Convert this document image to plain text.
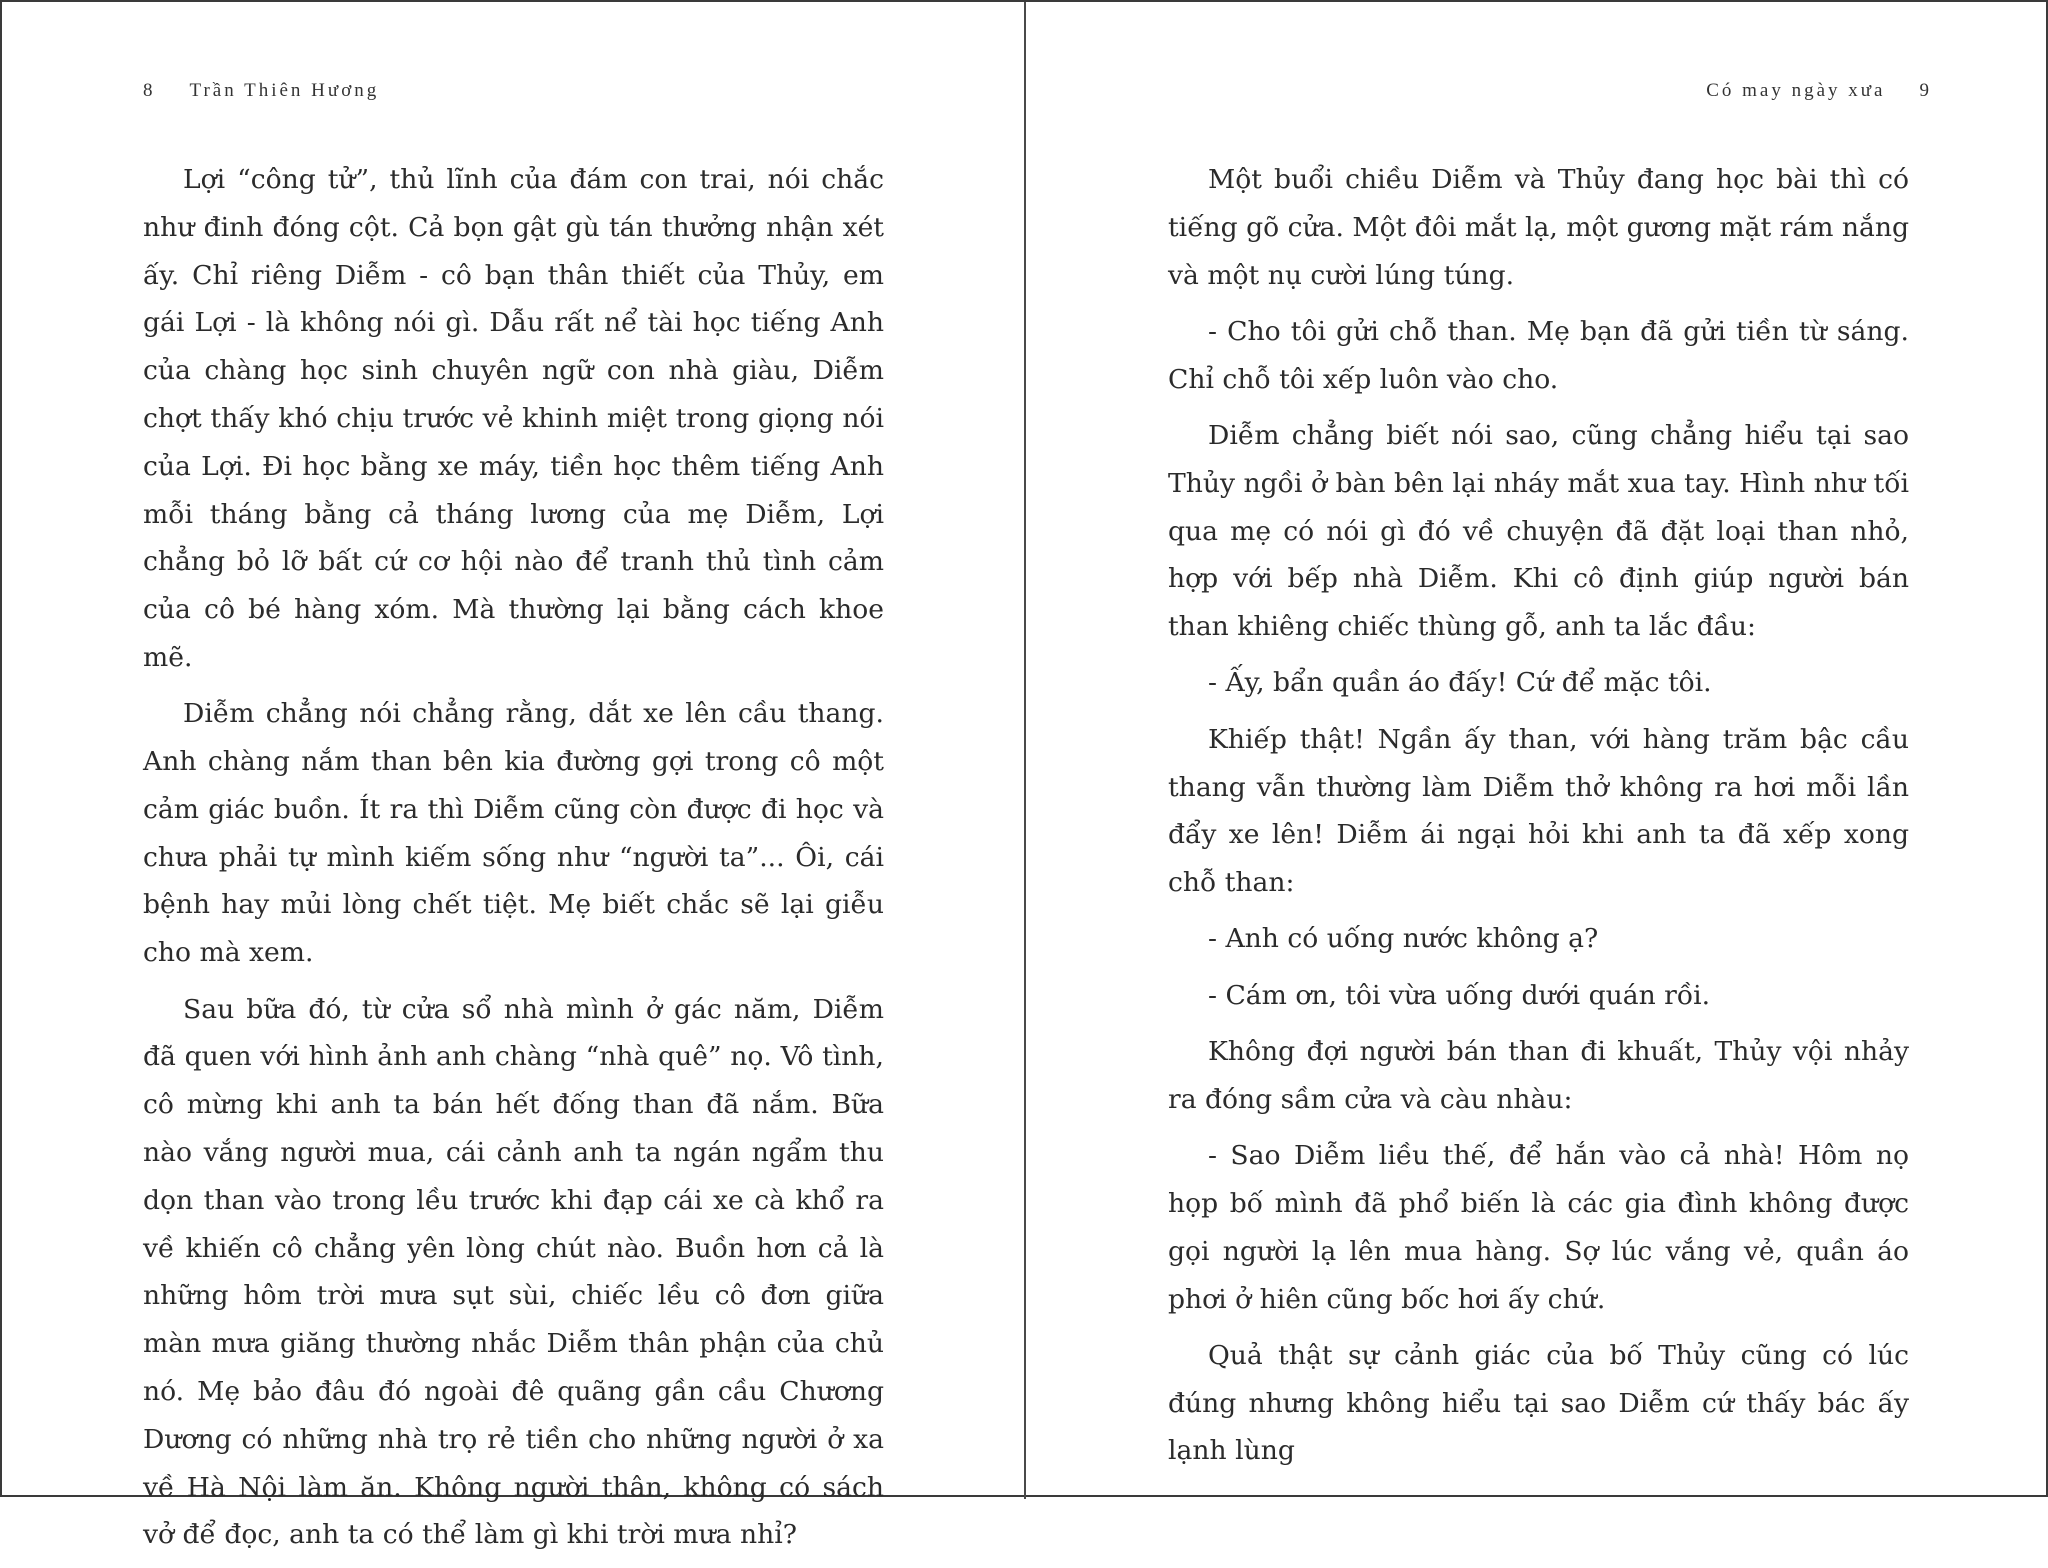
8 Trần Thiên Hương

Lợi “công tử”, thủ lĩnh của đám con trai, nói chắc như đinh đóng cột. Cả bọn gật gù tán thưởng nhận xét ấy. Chỉ riêng Diễm - cô bạn thân thiết của Thủy, em gái Lợi - là không nói gì. Dẫu rất nể tài học tiếng Anh của chàng học sinh chuyên ngữ con nhà giàu, Diễm chợt thấy khó chịu trước vẻ khinh miệt trong giọng nói của Lợi. Đi học bằng xe máy, tiền học thêm tiếng Anh mỗi tháng bằng cả tháng lương của mẹ Diễm, Lợi chẳng bỏ lỡ bất cứ cơ hội nào để tranh thủ tình cảm của cô bé hàng xóm. Mà thường lại bằng cách khoe mẽ.

Diễm chẳng nói chẳng rằng, dắt xe lên cầu thang. Anh chàng nắm than bên kia đường gợi trong cô một cảm giác buồn. Ít ra thì Diễm cũng còn được đi học và chưa phải tự mình kiếm sống như “người ta”... Ôi, cái bệnh hay mủi lòng chết tiệt. Mẹ biết chắc sẽ lại giễu cho mà xem.

Sau bữa đó, từ cửa sổ nhà mình ở gác năm, Diễm đã quen với hình ảnh anh chàng “nhà quê” nọ. Vô tình, cô mừng khi anh ta bán hết đống than đã nắm. Bữa nào vắng người mua, cái cảnh anh ta ngán ngẩm thu dọn than vào trong lều trước khi đạp cái xe cà khổ ra về khiến cô chẳng yên lòng chút nào. Buồn hơn cả là những hôm trời mưa sụt sùi, chiếc lều cô đơn giữa màn mưa giăng thường nhắc Diễm thân phận của chủ nó. Mẹ bảo đâu đó ngoài đê quãng gần cầu Chương Dương có những nhà trọ rẻ tiền cho những người ở xa về Hà Nội làm ăn. Không người thân, không có sách vở để đọc, anh ta có thể làm gì khi trời mưa nhỉ?

Có may ngày xưa 9

Một buổi chiều Diễm và Thủy đang học bài thì có tiếng gõ cửa. Một đôi mắt lạ, một gương mặt rám nắng và một nụ cười lúng túng.

- Cho tôi gửi chỗ than. Mẹ bạn đã gửi tiền từ sáng. Chỉ chỗ tôi xếp luôn vào cho.

Diễm chẳng biết nói sao, cũng chẳng hiểu tại sao Thủy ngồi ở bàn bên lại nháy mắt xua tay. Hình như tối qua mẹ có nói gì đó về chuyện đã đặt loại than nhỏ, hợp với bếp nhà Diễm. Khi cô định giúp người bán than khiêng chiếc thùng gỗ, anh ta lắc đầu:

- Ấy, bẩn quần áo đấy! Cứ để mặc tôi.

Khiếp thật! Ngần ấy than, với hàng trăm bậc cầu thang vẫn thường làm Diễm thở không ra hơi mỗi lần đẩy xe lên! Diễm ái ngại hỏi khi anh ta đã xếp xong chỗ than:

- Anh có uống nước không ạ?

- Cám ơn, tôi vừa uống dưới quán rồi.

Không đợi người bán than đi khuất, Thủy vội nhảy ra đóng sầm cửa và càu nhàu:

- Sao Diễm liều thế, để hắn vào cả nhà! Hôm nọ họp bố mình đã phổ biến là các gia đình không được gọi người lạ lên mua hàng. Sợ lúc vắng vẻ, quần áo phơi ở hiên cũng bốc hơi ấy chứ.

Quả thật sự cảnh giác của bố Thủy cũng có lúc đúng nhưng không hiểu tại sao Diễm cứ thấy bác ấy lạnh lùng
